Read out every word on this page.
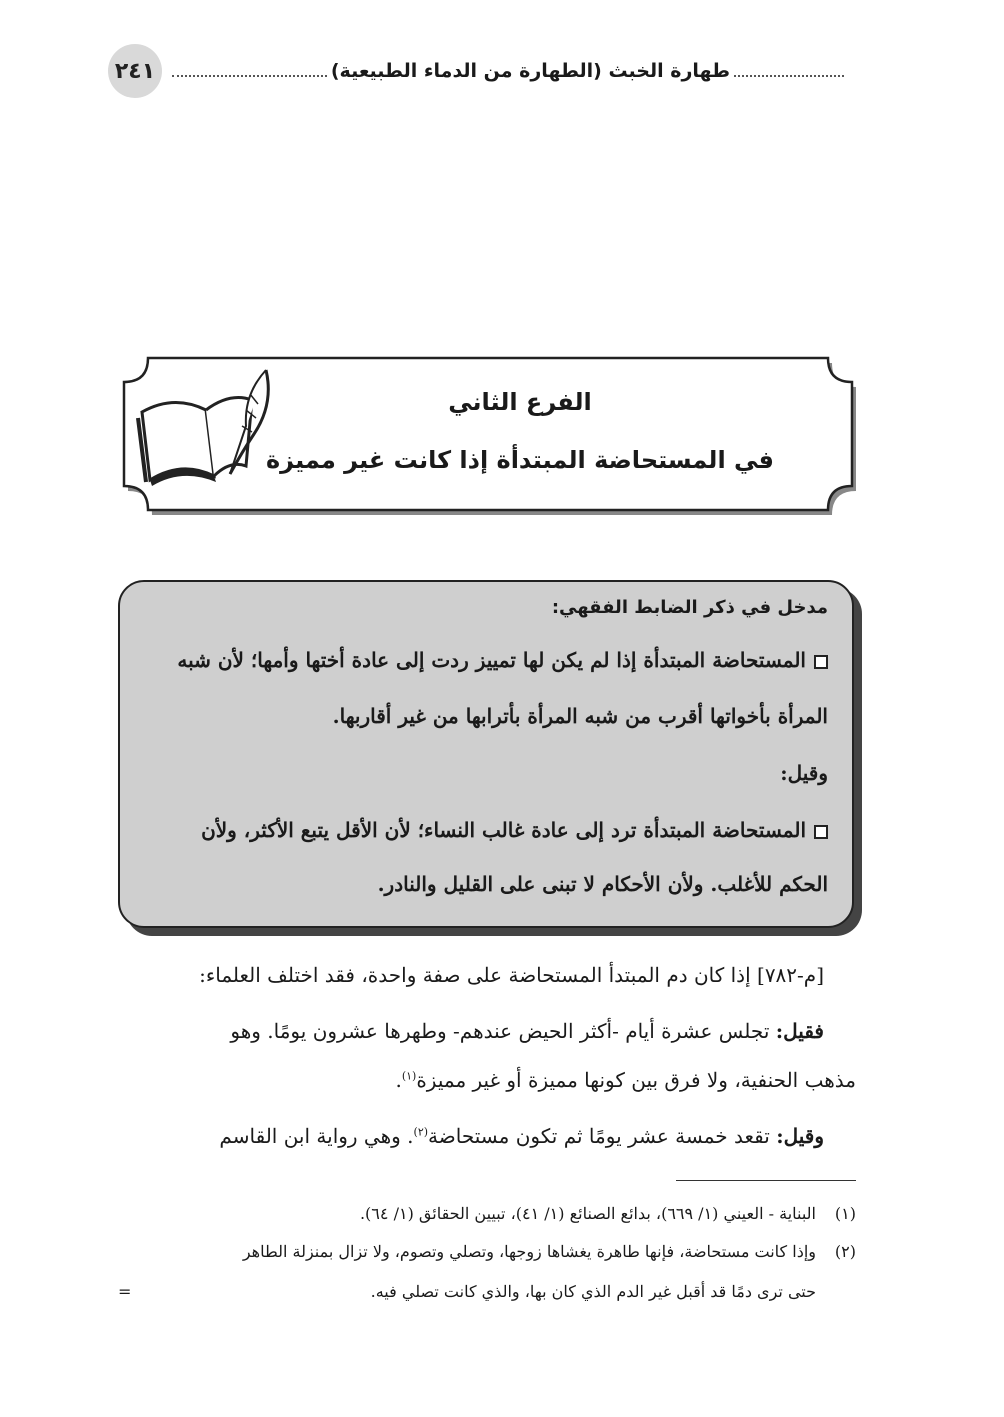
٢٤١	طهارة الخبث (الطهارة من الدماء الطبيعية)
الفرع الثاني
في المستحاضة المبتدأة إذا كانت غير مميزة
مدخل في ذكر الضابط الفقهي:
المستحاضة المبتدأة إذا لم يكن لها تمييز ردت إلى عادة أختها وأمها؛ لأن شبه
المرأة بأخواتها أقرب من شبه المرأة بأترابها من غير أقاربها.
وقيل:
المستحاضة المبتدأة ترد إلى عادة غالب النساء؛ لأن الأقل يتبع الأكثر، ولأن
الحكم للأغلب. ولأن الأحكام لا تبنى على القليل والنادر.
[م-٧٨٢] إذا كان دم المبتدأ المستحاضة على صفة واحدة، فقد اختلف العلماء:
فقيل: تجلس عشرة أيام -أكثر الحيض عندهم- وطهرها عشرون يومًا. وهو
مذهب الحنفية، ولا فرق بين كونها مميزة أو غير مميزة$^{(١)}$.
وقيل: تقعد خمسة عشر يومًا ثم تكون مستحاضة$^{(٢)}$. وهي رواية ابن القاسم
(١)البناية - العيني (١/ ٦٦٩)، بدائع الصنائع (١/ ٤١)، تبيين الحقائق (١/ ٦٤).
(٢)وإذا كانت مستحاضة، فإنها طاهرة يغشاها زوجها، وتصلي وتصوم، ولا تزال بمنزلة الطاهر
حتى ترى دمًا قد أقبل غير الدم الذي كان بها، والذي كانت تصلي فيه.
=
